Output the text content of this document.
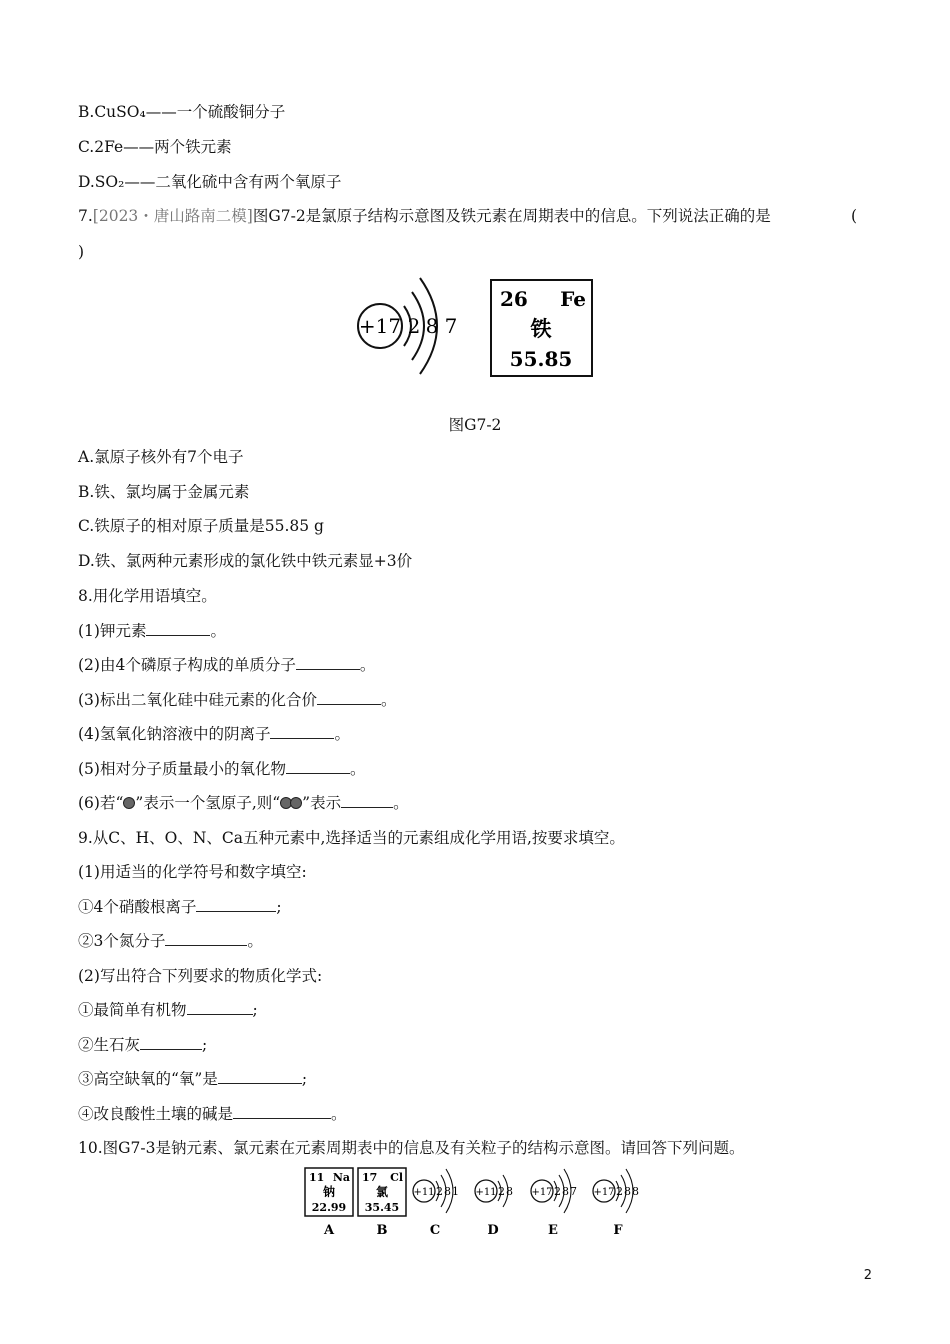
B.CuSO₄——一个硫酸铜分子
C.2Fe——两个铁元素
D.SO₂——二氧化硫中含有两个氧原子
7.[2023・唐山路南二模]图G7-2是氯原子结构示意图及铁元素在周期表中的信息。下列说法正确的是	(
)
+17 2 8 7
26 Fe
铁
55.85
图G7-2
A.氯原子核外有7个电子
B.铁、氯均属于金属元素
C.铁原子的相对原子质量是55.85 g
D.铁、氯两种元素形成的氯化铁中铁元素显+3价
8.用化学用语填空。
(1)钾元素	。
(2)由4个磷原子构成的单质分子	。
(3)标出二氧化硅中硅元素的化合价	。
(4)氢氧化钠溶液中的阴离子	。
(5)相对分子质量最小的氧化物	。
(6)若“ ”表示一个氢原子,则“ ”表示	。
9.从C、H、O、N、Ca五种元素中,选择适当的元素组成化学用语,按要求填空。
(1)用适当的化学符号和数字填空:
①4个硝酸根离子	;
②3个氮分子	。
(2)写出符合下列要求的物质化学式:
①最简单有机物	;
②生石灰	;
③高空缺氧的“氧”是	;
④改良酸性土壤的碱是	。
10.图G7-3是钠元素、氯元素在元素周期表中的信息及有关粒子的结构示意图。请回答下列问题。
11 Na
钠
22.99
A
17 Cl
氯
35.45
B
+11 281
C
+11 28
D
+17 287
E
+17 288
F
2
